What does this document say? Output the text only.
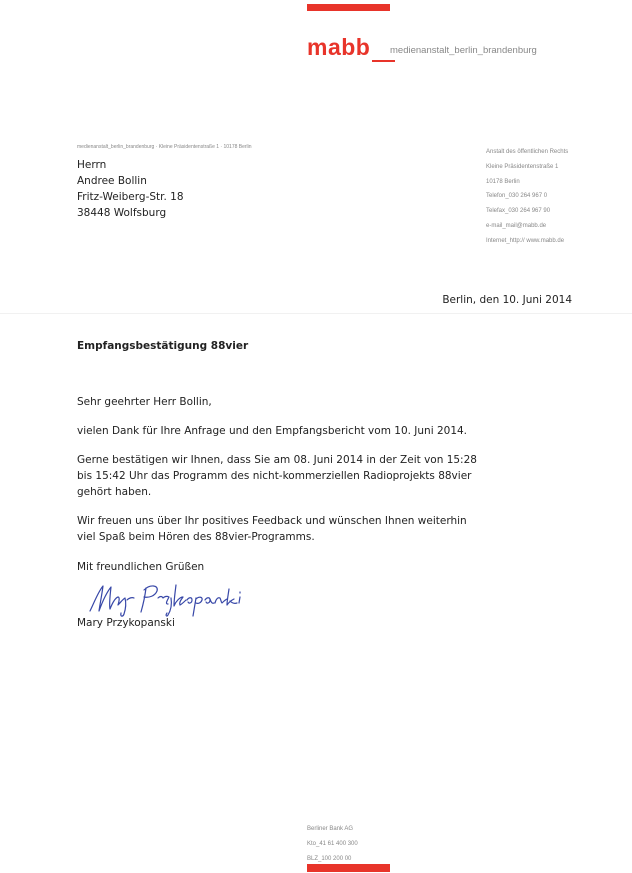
mabb medienanstalt_berlin_brandenburg
medienanstalt_berlin_brandenburg · Kleine Präsidentenstraße 1 · 10178 Berlin
Herrn
Andree Bollin
Fritz-Weiberg-Str. 18
38448 Wolfsburg
Anstalt des öffentlichen Rechts
Kleine Präsidentenstraße 1
10178 Berlin
Telefon_030 264 967 0
Telefax_030 264 967 90
e-mail_mail@mabb.de
Internet_http:// www.mabb.de
Berlin, den 10. Juni 2014
Empfangsbestätigung 88vier

Sehr geehrter Herr Bollin,

vielen Dank für Ihre Anfrage und den Empfangsbericht vom 10. Juni 2014.

Gerne bestätigen wir Ihnen, dass Sie am 08. Juni 2014 in der Zeit von 15:28 bis 15:42 Uhr das Programm des nicht-kommerziellen Radioprojekts 88vier gehört haben.

Wir freuen uns über Ihr positives Feedback und wünschen Ihnen weiterhin viel Spaß beim Hören des 88vier-Programms.

Mit freundlichen Grüßen
Mary Przykopanski
Berliner Bank AG
Kto_41 61 400 300
BLZ_100 200 00
